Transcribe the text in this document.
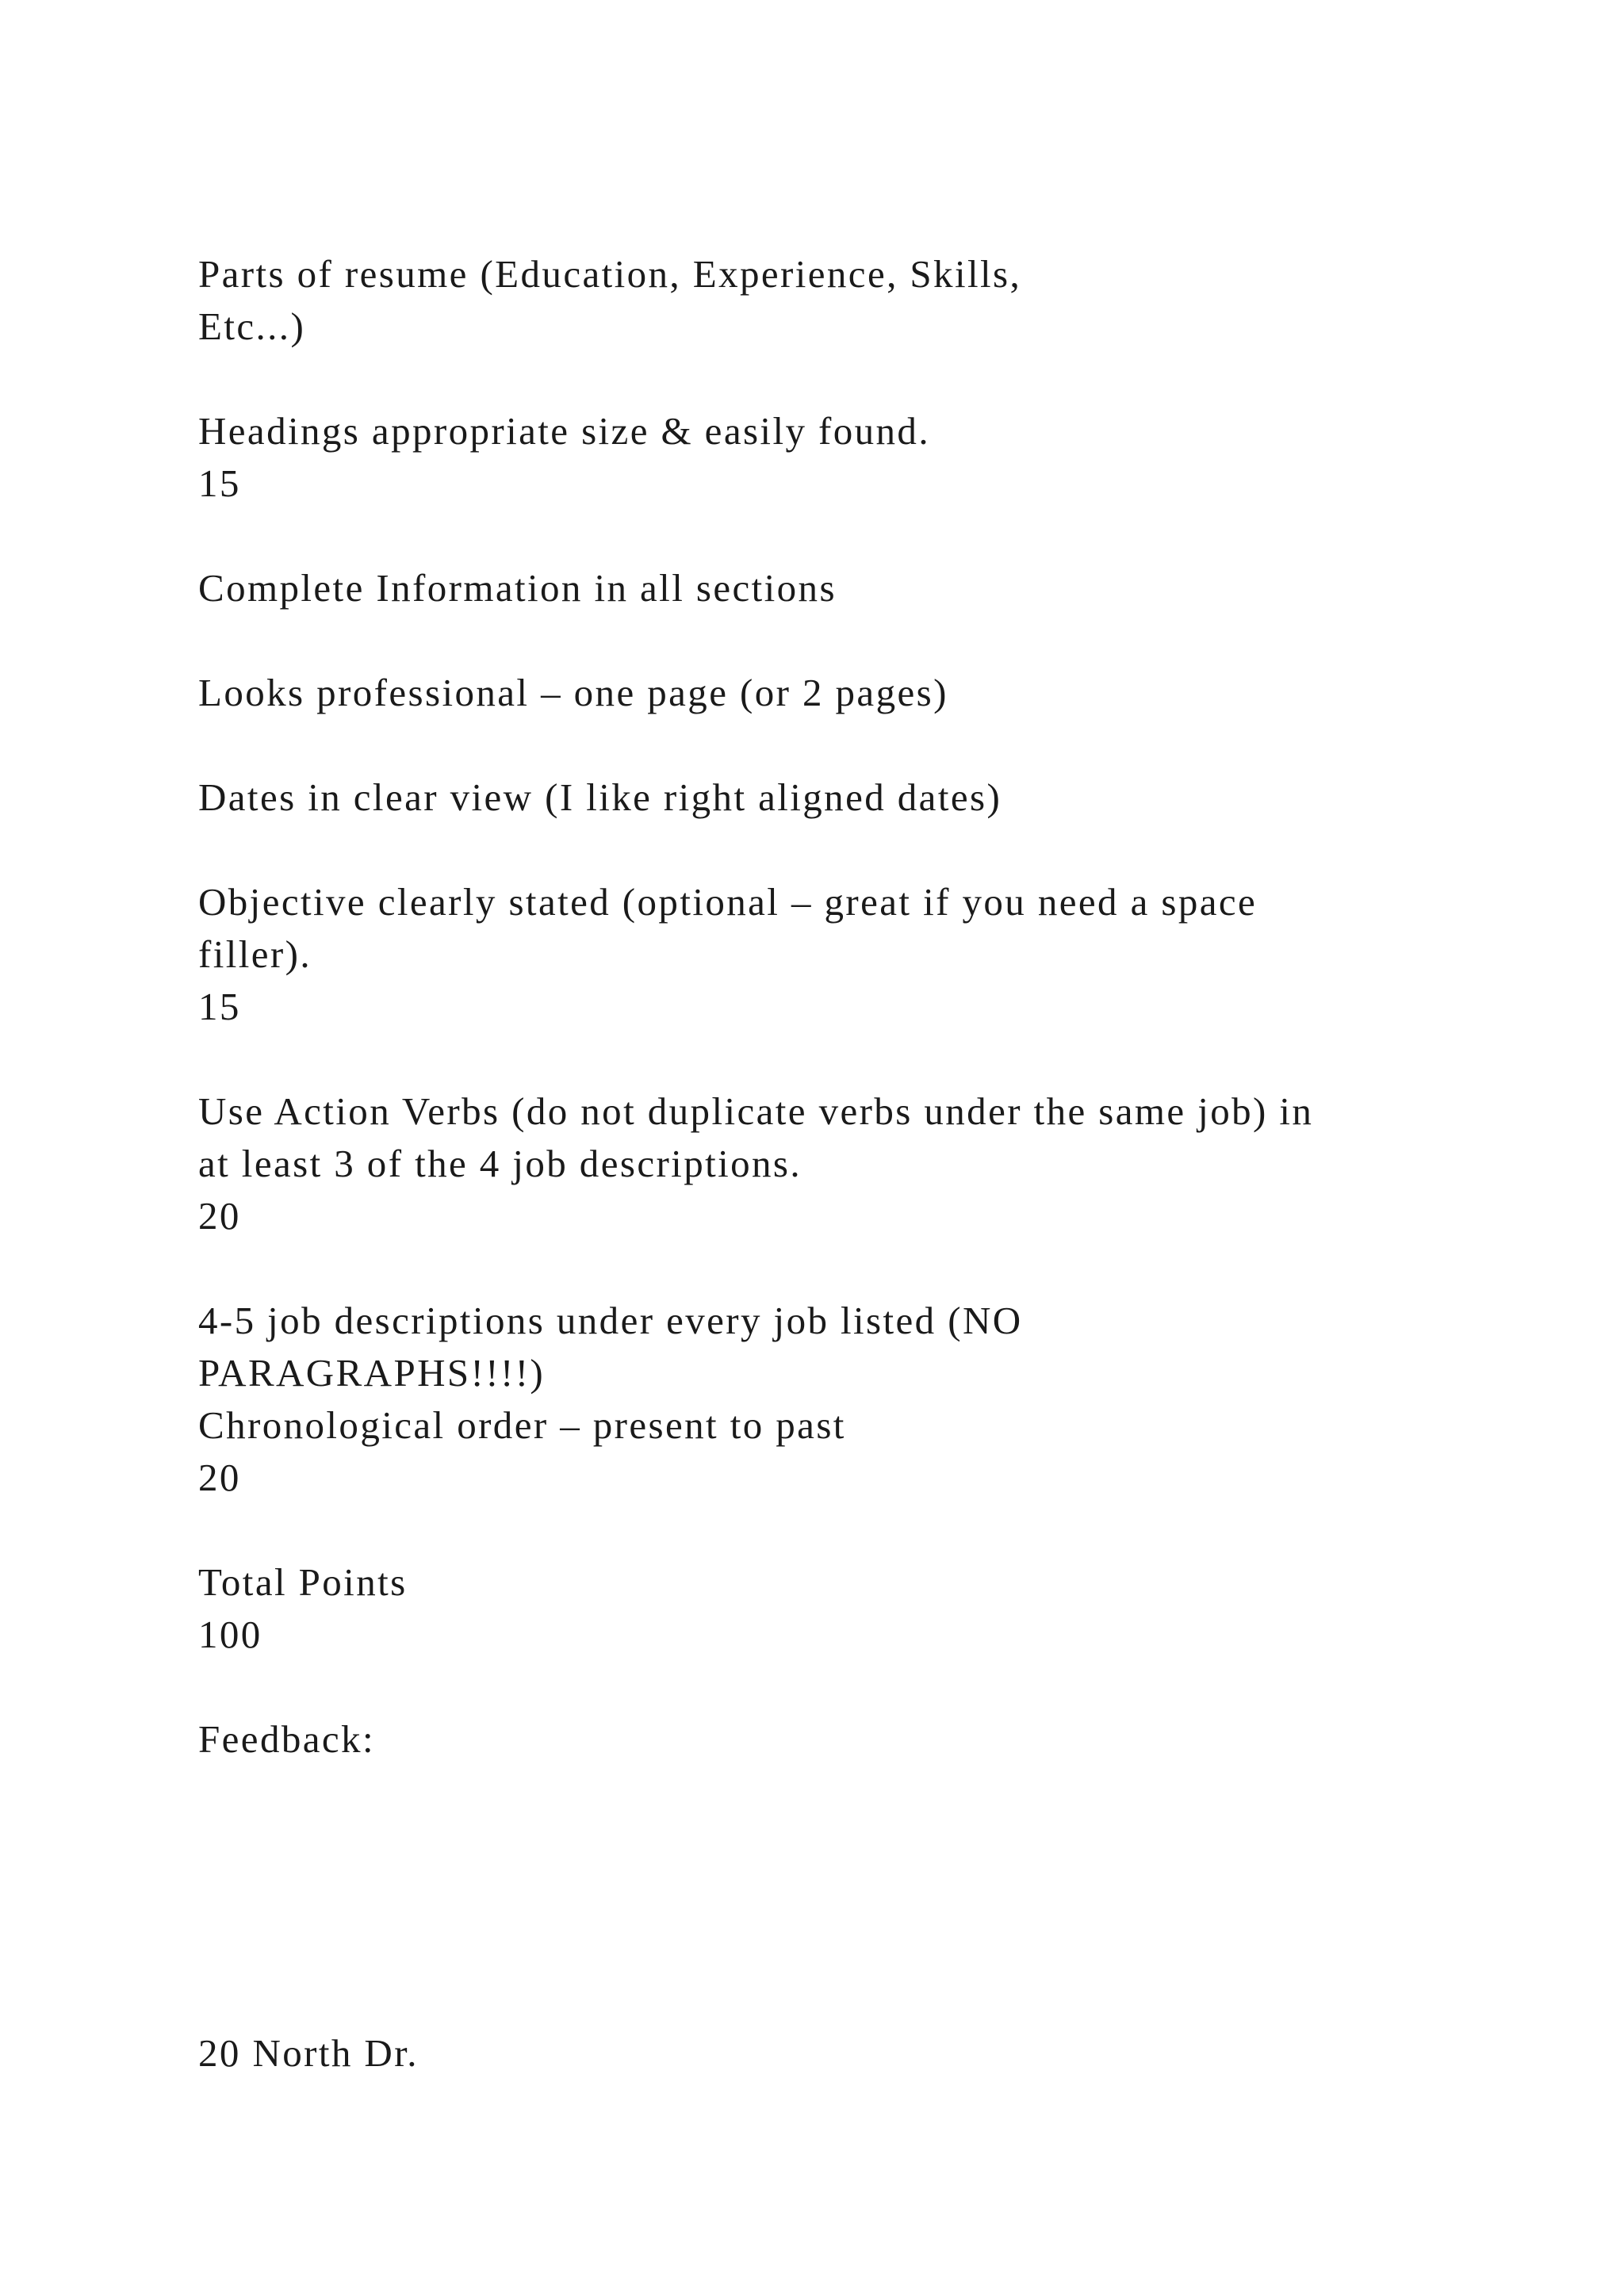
Parts of resume (Education, Experience, Skills,
Etc...)
Headings appropriate size & easily found.
15
Complete Information in all sections
Looks professional – one page (or 2 pages)
Dates in clear view (I like right aligned dates)
Objective clearly stated (optional – great if you need a space
filler).
15
Use Action Verbs (do not duplicate verbs under the same job) in
at least 3 of the 4 job descriptions.
20
4-5 job descriptions under every job listed (NO
PARAGRAPHS!!!!)
Chronological order – present to past
20
Total Points
100
Feedback:
20 North Dr.
